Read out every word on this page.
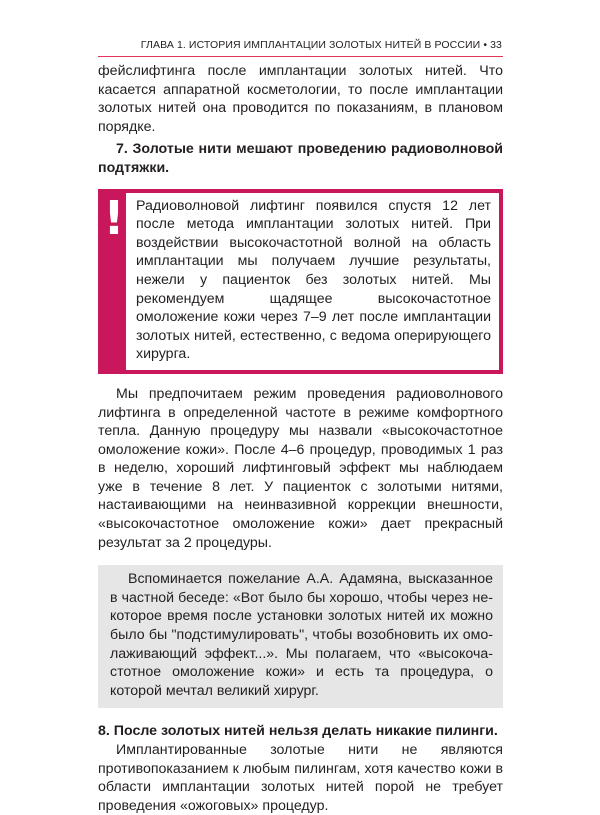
ГЛАВА 1. ИСТОРИЯ ИМПЛАНТАЦИИ ЗОЛОТЫХ НИТЕЙ В РОССИИ • 33

фейслифтинга после имплантации золотых нитей. Что касается аппаратной косметологии, то после имплантации золотых нитей она проводится по показаниям, в плановом порядке.

7. Золотые нити мешают проведению радиоволновой подтяжки.

! Радиоволновой лифтинг появился спустя 12 лет после метода имплантации золотых нитей. При воздействии высокочастотной волной на область имплантации мы получаем лучшие результаты, нежели у пациенток без золотых нитей. Мы рекомендуем щадящее высокочастотное омоложение кожи через 7–9 лет после имплантации золотых нитей, естественно, с ведома оперирующего хирурга.

Мы предпочитаем режим проведения радиоволнового лифтинга в определенной частоте в режиме комфортного тепла. Данную процедуру мы назвали «высокочастотное омоложение кожи». После 4–6 процедур, проводимых 1 раз в неделю, хороший лифтинговый эффект мы наблюдаем уже в течение 8 лет. У пациенток с золотыми нитями, настаивающими на неинвазивной коррекции внешности, «высокочастотное омоложение кожи» дает прекрасный результат за 2 процедуры.

Вспоминается пожелание А.А. Адамяна, высказанное в частной беседе: «Вот было бы хорошо, чтобы через некоторое время после установки золотых нитей их можно было бы "подстимулировать", чтобы возобновить их омолаживающий эффект...». Мы полагаем, что «высокочастотное омоложение кожи» и есть та процедура, о которой мечтал великий хирург.

8. После золотых нитей нельзя делать никакие пилинги.

Имплантированные золотые нити не являются противопоказанием к любым пилингам, хотя качество кожи в области имплантации золотых нитей порой не требует проведения «ожоговых» процедур.
